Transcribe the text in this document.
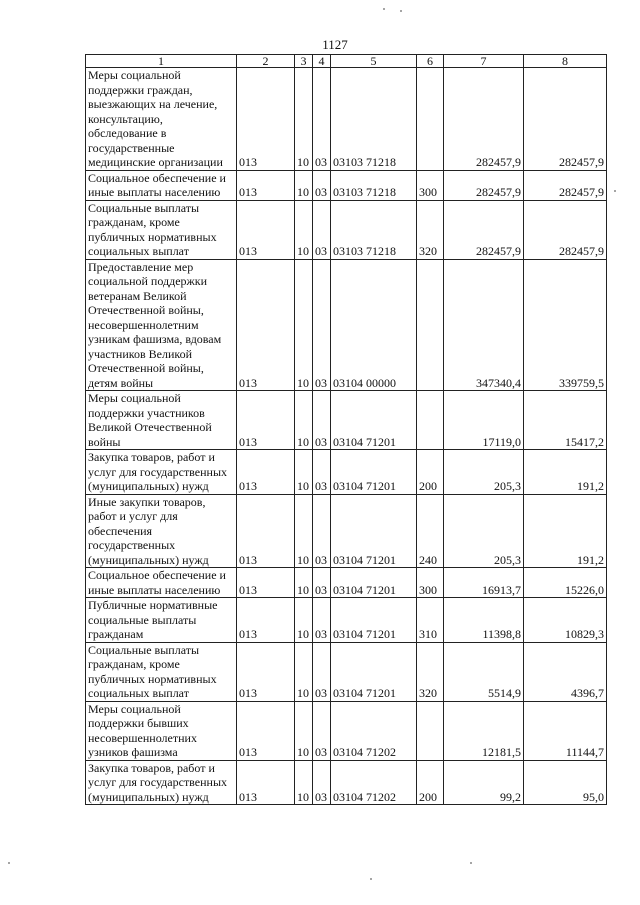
1127
1	2	3	4	5	6	7	8
Меры социальной поддержки граждан, выезжающих на лечение, консультацию, обследование в государственные медицинские организации	013	10	03	03103 71218		282457,9	282457,9
Социальное обеспечение и иные выплаты населению	013	10	03	03103 71218	300	282457,9	282457,9
Социальные выплаты гражданам, кроме публичных нормативных социальных выплат	013	10	03	03103 71218	320	282457,9	282457,9
Предоставление мер социальной поддержки ветеранам Великой Отечественной войны, несовершеннолетним узникам фашизма, вдовам участников Великой Отечественной войны, детям войны	013	10	03	03104 00000		347340,4	339759,5
Меры социальной поддержки участников Великой Отечественной войны	013	10	03	03104 71201		17119,0	15417,2
Закупка товаров, работ и услуг для государственных (муниципальных) нужд	013	10	03	03104 71201	200	205,3	191,2
Иные закупки товаров, работ и услуг для обеспечения государственных (муниципальных) нужд	013	10	03	03104 71201	240	205,3	191,2
Социальное обеспечение и иные выплаты населению	013	10	03	03104 71201	300	16913,7	15226,0
Публичные нормативные социальные выплаты гражданам	013	10	03	03104 71201	310	11398,8	10829,3
Социальные выплаты гражданам, кроме публичных нормативных социальных выплат	013	10	03	03104 71201	320	5514,9	4396,7
Меры социальной поддержки бывших несовершеннолетних узников фашизма	013	10	03	03104 71202		12181,5	11144,7
Закупка товаров, работ и услуг для государственных (муниципальных) нужд	013	10	03	03104 71202	200	99,2	95,0
